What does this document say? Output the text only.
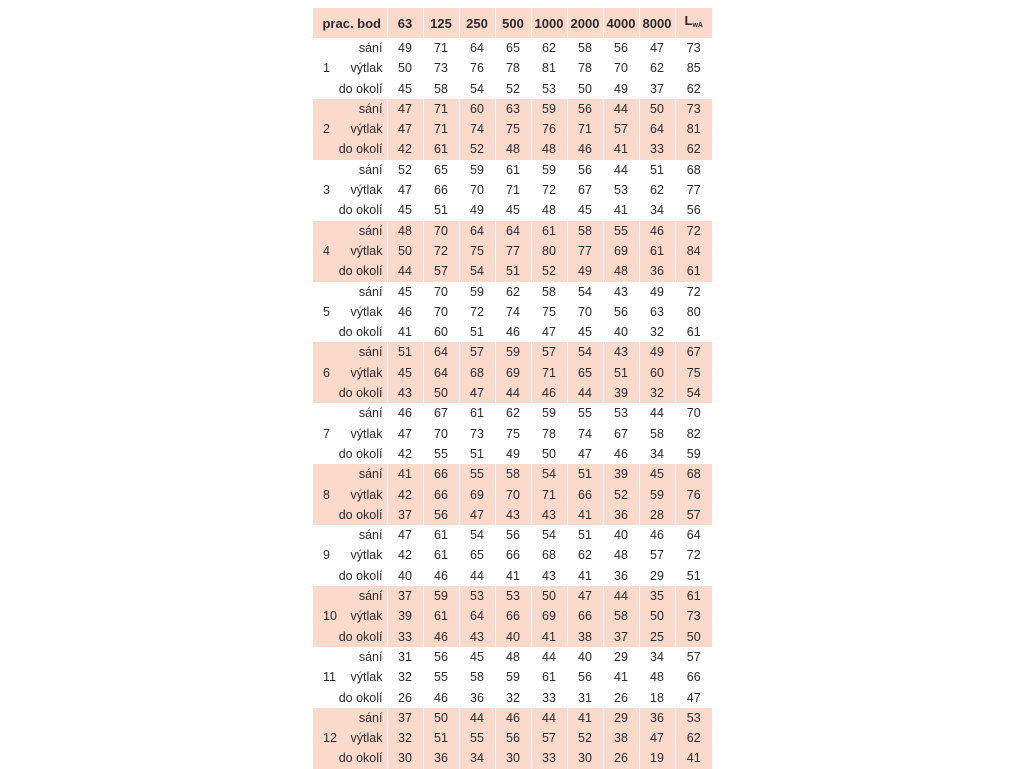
prac. bod	63	125	250	500	1000	2000	4000	8000	LwA
sání	49	71	64	65	62	58	56	47	73

1 výtlak	50	73	76	78	81	78	70	62	85
do okolí	45	58	54	52	53	50	49	37	62
sání	47	71	60	63	59	56	44	50	73

2 výtlak	47	71	74	75	76	71	57	64	81
do okolí	42	61	52	48	48	46	41	33	62
sání	52	65	59	61	59	56	44	51	68

3 výtlak	47	66	70	71	72	67	53	62	77
do okolí	45	51	49	45	48	45	41	34	56
sání	48	70	64	64	61	58	55	46	72

4 výtlak	50	72	75	77	80	77	69	61	84
do okolí	44	57	54	51	52	49	48	36	61
sání	45	70	59	62	58	54	43	49	72

5 výtlak	46	70	72	74	75	70	56	63	80
do okolí	41	60	51	46	47	45	40	32	61
sání	51	64	57	59	57	54	43	49	67

6 výtlak	45	64	68	69	71	65	51	60	75
do okolí	43	50	47	44	46	44	39	32	54
sání	46	67	61	62	59	55	53	44	70

7 výtlak	47	70	73	75	78	74	67	58	82
do okolí	42	55	51	49	50	47	46	34	59
sání	41	66	55	58	54	51	39	45	68

8 výtlak	42	66	69	70	71	66	52	59	76
do okolí	37	56	47	43	43	41	36	28	57
sání	47	61	54	56	54	51	40	46	64

9 výtlak	42	61	65	66	68	62	48	57	72
do okolí	40	46	44	41	43	41	36	29	51
sání	37	59	53	53	50	47	44	35	61

10 výtlak	39	61	64	66	69	66	58	50	73
do okolí	33	46	43	40	41	38	37	25	50
sání	31	56	45	48	44	40	29	34	57

11 výtlak	32	55	58	59	61	56	41	48	66
do okolí	26	46	36	32	33	31	26	18	47
sání	37	50	44	46	44	41	29	36	53

12 výtlak	32	51	55	56	57	52	38	47	62
do okolí	30	36	34	30	33	30	26	19	41
